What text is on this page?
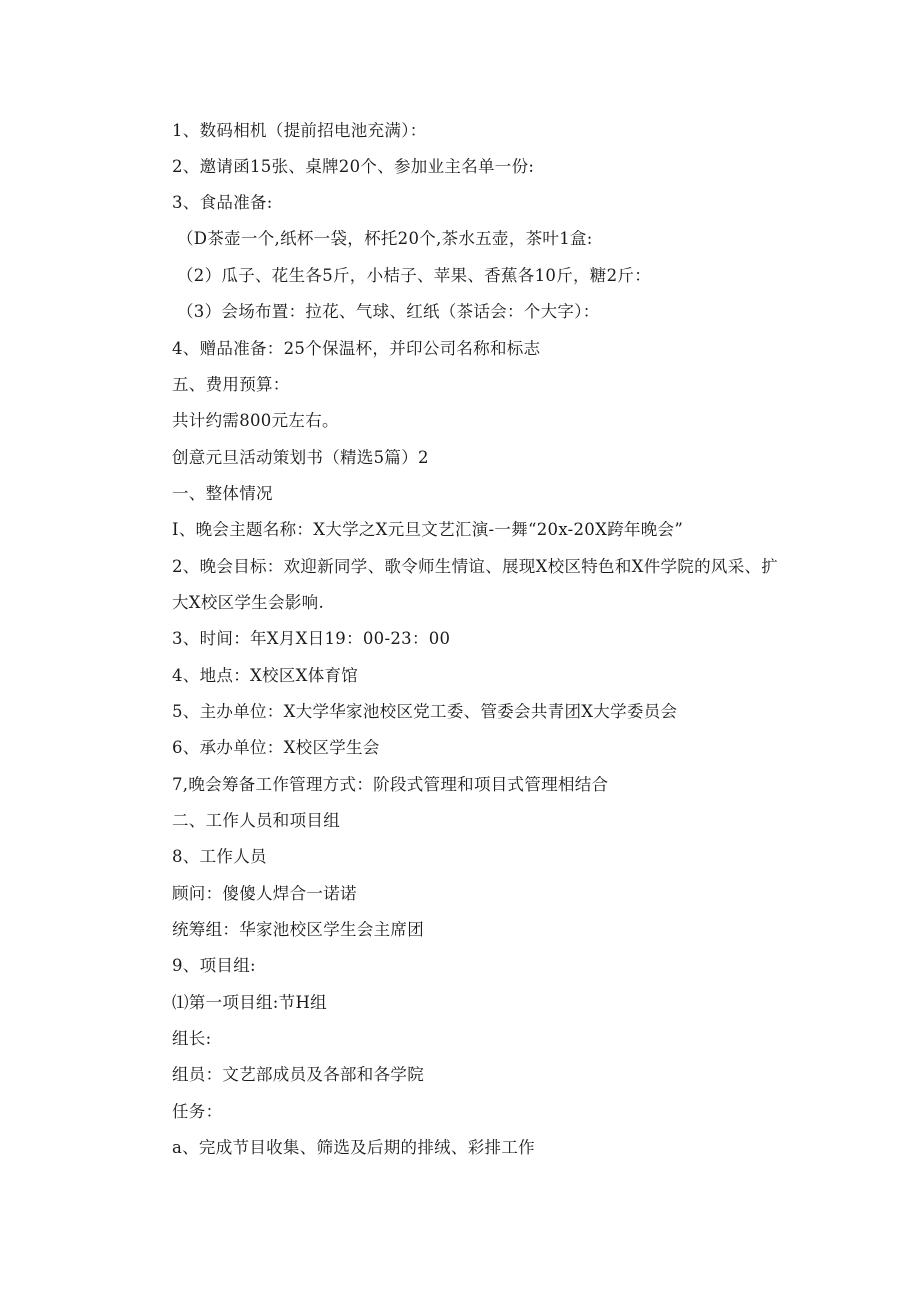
1、数码相机（提前招电池充满）：
2、邀请函15张、桌牌20个、参加业主名单一份:
3、食品准备:
（D茶壶一个,纸杯一袋，杯托20个,茶水五壶，茶叶1盒:
（2）瓜子、花生各5斤，小桔子、苹果、香蕉各10斤，糖2斤：
（3）会场布置：拉花、气球、红纸（茶话会：个大字）：
4、赠品准备：25个保温杯，并印公司名称和标志
五、费用预算：
共计约需800元左右。
创意元旦活动策划书（精选5篇）2
一、整体情况
I、晚会主题名称：X大学之X元旦文艺汇演-一舞“20x-20X跨年晚会”
2、晚会目标：欢迎新同学、歌令师生情谊、展现X校区特色和X件学院的风采、扩
大X校区学生会影响.
3、时间：年X月X日19：00-23：00
4、地点：X校区X体育馆
5、主办单位：X大学华家池校区党工委、管委会共青团X大学委员会
6、承办单位：X校区学生会
7,晚会筹备工作管理方式：阶段式管理和项目式管理相结合
二、工作人员和项目组
8、工作人员
顾问：傻傻人焊合一诺诺
统筹组：华家池校区学生会主席团
9、项目组:
⑴第一项目组:节H组
组长:
组员：文艺部成员及各部和各学院
任务：
a、完成节目收集、筛选及后期的排绒、彩排工作
